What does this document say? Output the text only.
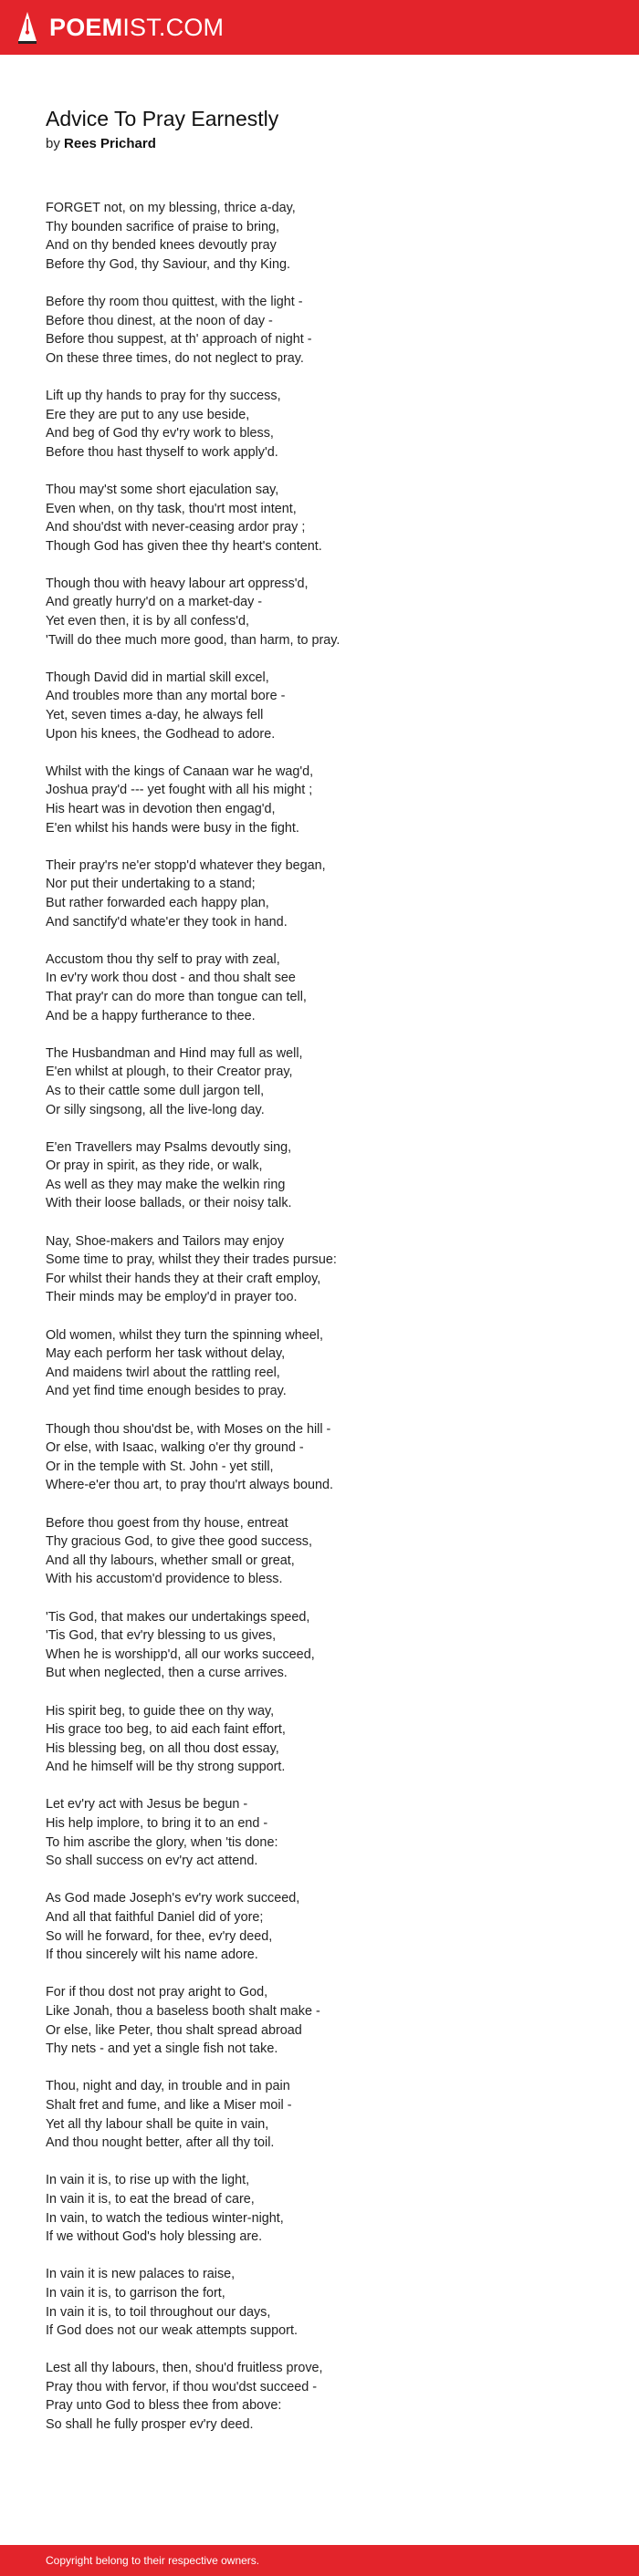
POEMIST.COM
Advice To Pray Earnestly
by Rees Prichard
FORGET not, on my blessing, thrice a-day,
Thy bounden sacrifice of praise to bring,
And on thy bended knees devoutly pray
Before thy God, thy Saviour, and thy King.
Before thy room thou quittest, with the light -
Before thou dinest, at the noon of day -
Before thou suppest, at th' approach of night -
On these three times, do not neglect to pray.
Lift up thy hands to pray for thy success,
Ere they are put to any use beside,
And beg of God thy ev'ry work to bless,
Before thou hast thyself to work apply'd.
Thou may'st some short ejaculation say,
Even when, on thy task, thou'rt most intent,
And shou'dst with never-ceasing ardor pray ;
Though God has given thee thy heart's content.
Though thou with heavy labour art oppress'd,
And greatly hurry'd on a market-day -
Yet even then, it is by all confess'd,
'Twill do thee much more good, than harm, to pray.
Though David did in martial skill excel,
And troubles more than any mortal bore -
Yet, seven times a-day, he always fell
Upon his knees, the Godhead to adore.
Whilst with the kings of Canaan war he wag'd,
Joshua pray'd --- yet fought with all his might ;
His heart was in devotion then engag'd,
E'en whilst his hands were busy in the fight.
Their pray'rs ne'er stopp'd whatever they began,
Nor put their undertaking to a stand;
But rather forwarded each happy plan,
And sanctify'd whate'er they took in hand.
Accustom thou thy self to pray with zeal,
In ev'ry work thou dost - and thou shalt see
That pray'r can do more than tongue can tell,
And be a happy furtherance to thee.
The Husbandman and Hind may full as well,
E'en whilst at plough, to their Creator pray,
As to their cattle some dull jargon tell,
Or silly singsong, all the live-long day.
E'en Travellers may Psalms devoutly sing,
Or pray in spirit, as they ride, or walk,
As well as they may make the welkin ring
With their loose ballads, or their noisy talk.
Nay, Shoe-makers and Tailors may enjoy
Some time to pray, whilst they their trades pursue:
For whilst their hands they at their craft employ,
Their minds may be employ'd in prayer too.
Old women, whilst they turn the spinning wheel,
May each perform her task without delay,
And maidens twirl about the rattling reel,
And yet find time enough besides to pray.
Though thou shou'dst be, with Moses on the hill -
Or else, with Isaac, walking o'er thy ground -
Or in the temple with St. John - yet still,
Where-e'er thou art, to pray thou'rt always bound.
Before thou goest from thy house, entreat
Thy gracious God, to give thee good success,
And all thy labours, whether small or great,
With his accustom'd providence to bless.
'Tis God, that makes our undertakings speed,
'Tis God, that ev'ry blessing to us gives,
When he is worshipp'd, all our works succeed,
But when neglected, then a curse arrives.
His spirit beg, to guide thee on thy way,
His grace too beg, to aid each faint effort,
His blessing beg, on all thou dost essay,
And he himself will be thy strong support.
Let ev'ry act with Jesus be begun -
His help implore, to bring it to an end -
To him ascribe the glory, when 'tis done:
So shall success on ev'ry act attend.
As God made Joseph's ev'ry work succeed,
And all that faithful Daniel did of yore;
So will he forward, for thee, ev'ry deed,
If thou sincerely wilt his name adore.
For if thou dost not pray aright to God,
Like Jonah, thou a baseless booth shalt make -
Or else, like Peter, thou shalt spread abroad
Thy nets - and yet a single fish not take.
Thou, night and day, in trouble and in pain
Shalt fret and fume, and like a Miser moil -
Yet all thy labour shall be quite in vain,
And thou nought better, after all thy toil.
In vain it is, to rise up with the light,
In vain it is, to eat the bread of care,
In vain, to watch the tedious winter-night,
If we without God's holy blessing are.
In vain it is new palaces to raise,
In vain it is, to garrison the fort,
In vain it is, to toil throughout our days,
If God does not our weak attempts support.
Lest all thy labours, then, shou'd fruitless prove,
Pray thou with fervor, if thou wou'dst succeed -
Pray unto God to bless thee from above:
So shall he fully prosper ev'ry deed.
Copyright belong to their respective owners.
